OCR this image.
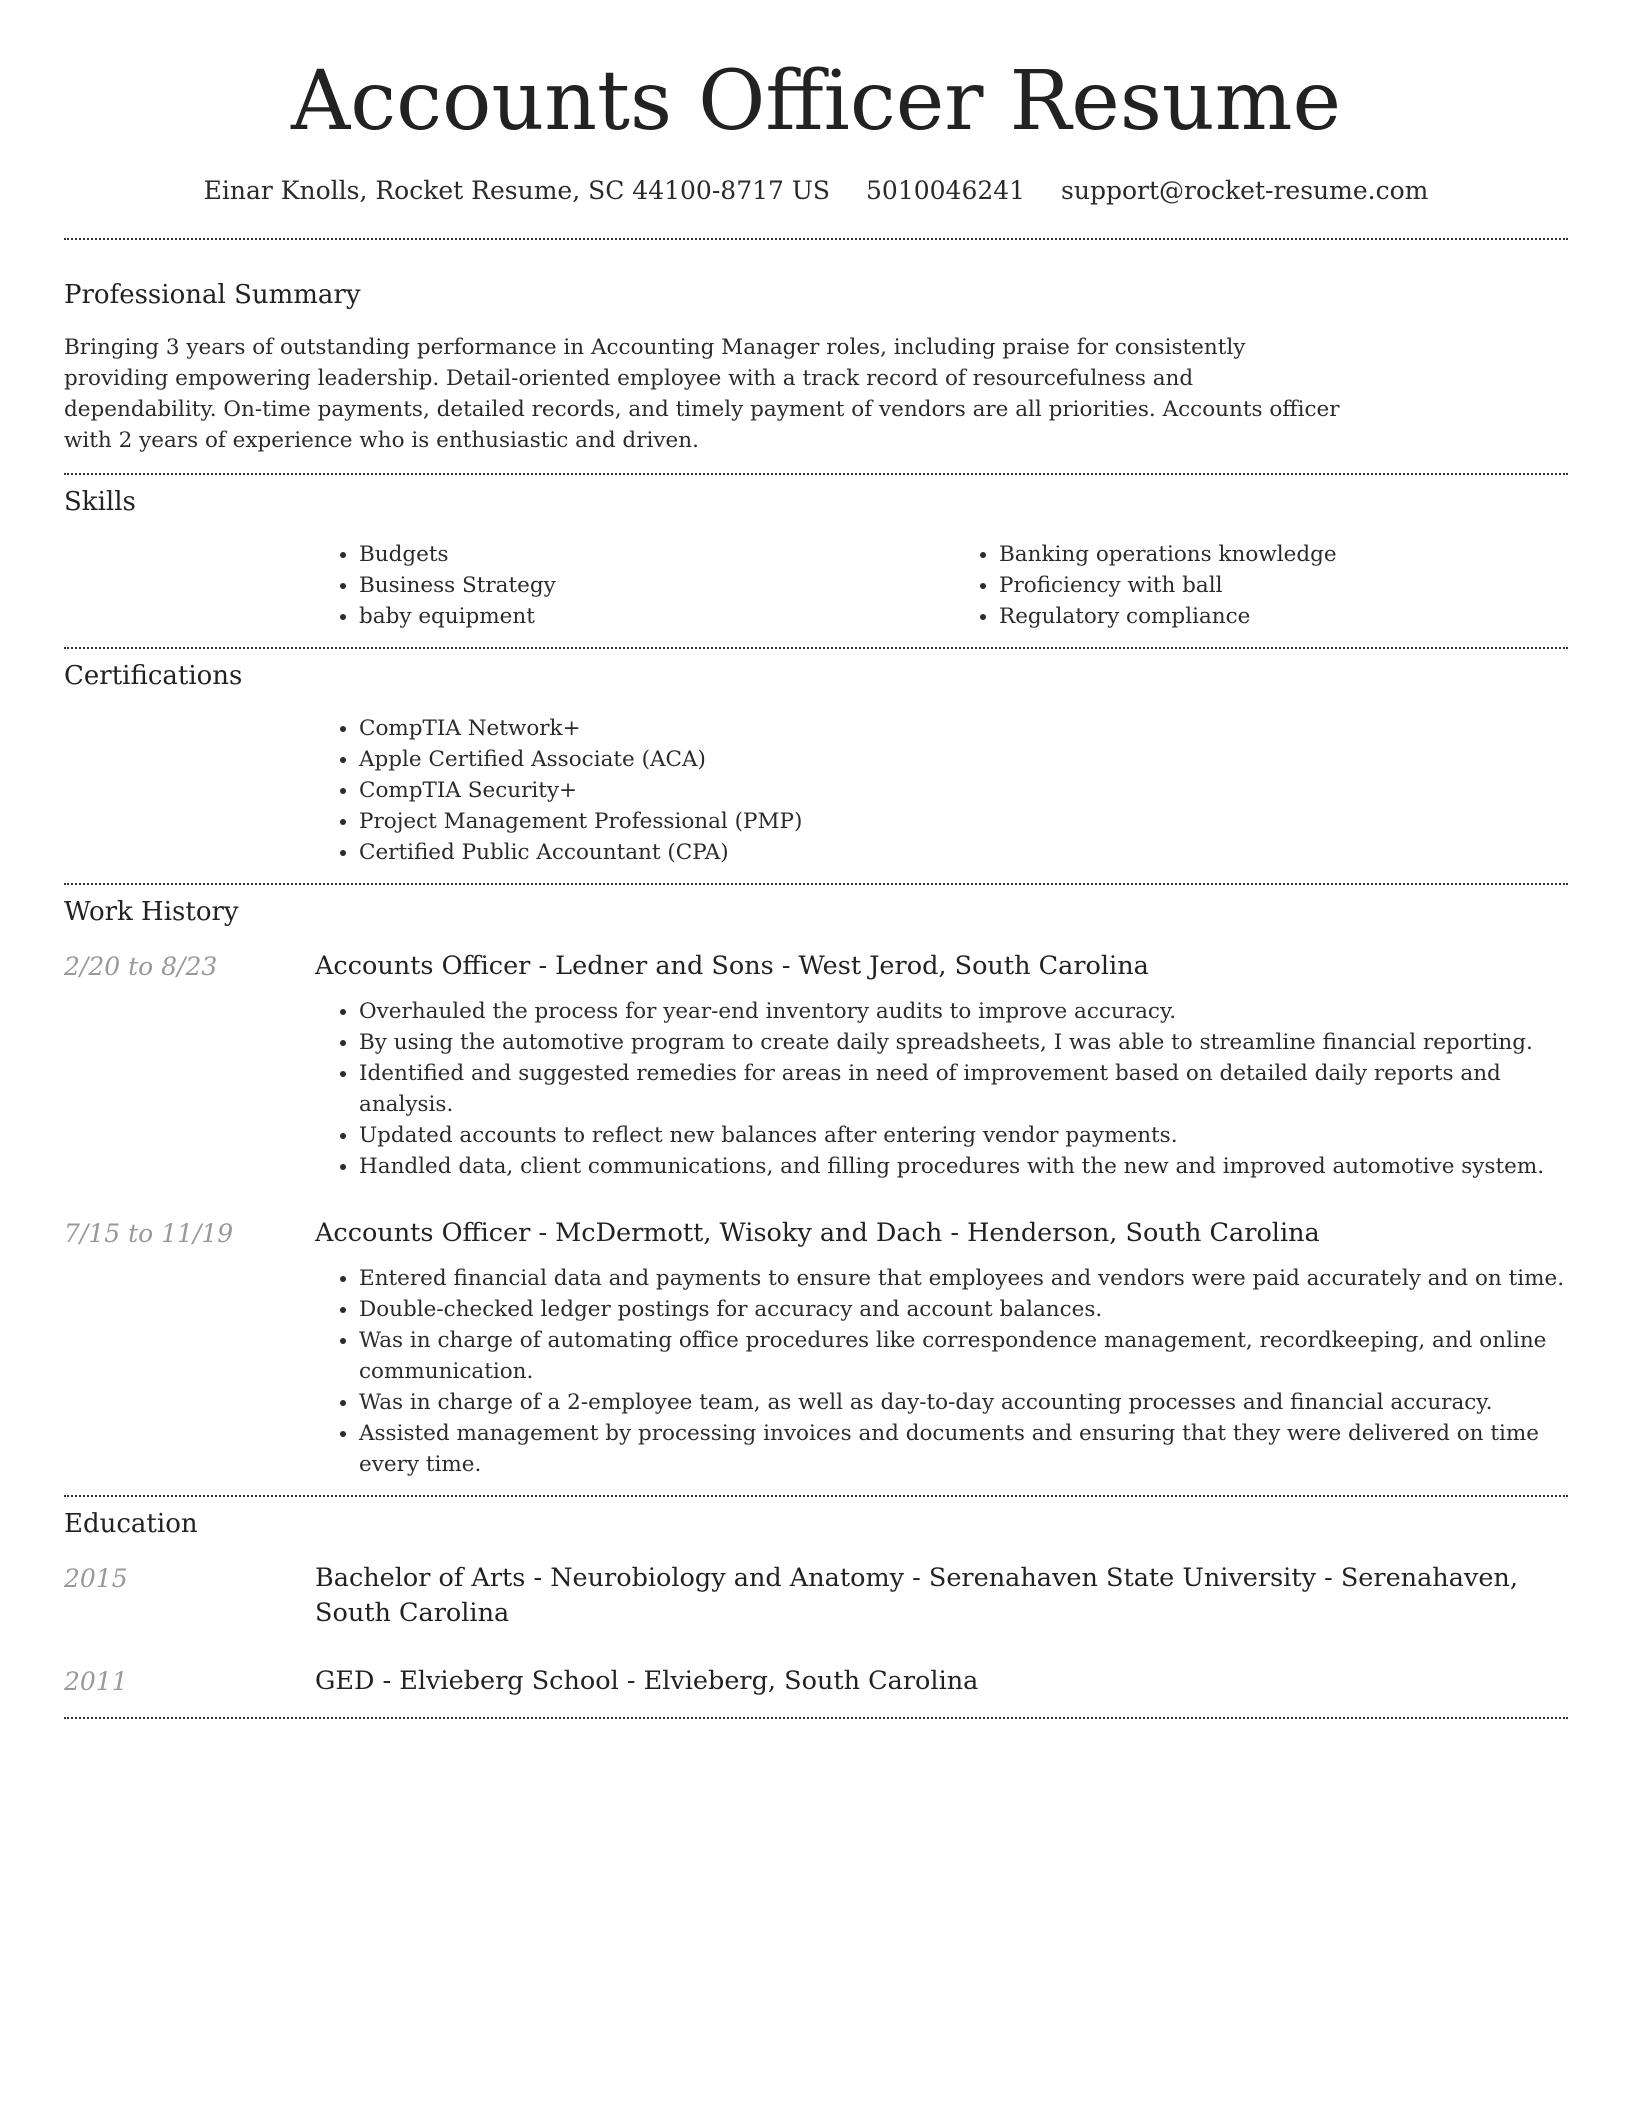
Accounts Officer Resume
Einar Knolls, Rocket Resume, SC 44100-8717 US 5010046241 support@rocket-resume.com
Professional Summary

Bringing 3 years of outstanding performance in Accounting Manager roles, including praise for consistently providing empowering leadership. Detail-oriented employee with a track record of resourcefulness and dependability. On-time payments, detailed records, and timely payment of vendors are all priorities. Accounts officer with 2 years of experience who is enthusiastic and driven.

Skills
• Budgets
• Business Strategy
• baby equipment
• Banking operations knowledge
• Proficiency with ball
• Regulatory compliance
Certifications
• CompTIA Network+
• Apple Certified Associate (ACA)
• CompTIA Security+
• Project Management Professional (PMP)
• Certified Public Accountant (CPA)
Work History
2/20 to 8/23	Accounts Officer - Ledner and Sons - West Jerod, South Carolina
• Overhauled the process for year-end inventory audits to improve accuracy.
• By using the automotive program to create daily spreadsheets, I was able to streamline financial reporting.
• Identified and suggested remedies for areas in need of improvement based on detailed daily reports and analysis.
• Updated accounts to reflect new balances after entering vendor payments.
• Handled data, client communications, and filling procedures with the new and improved automotive system.
7/15 to 11/19	Accounts Officer - McDermott, Wisoky and Dach - Henderson, South Carolina
• Entered financial data and payments to ensure that employees and vendors were paid accurately and on time.
• Double-checked ledger postings for accuracy and account balances.
• Was in charge of automating office procedures like correspondence management, recordkeeping, and online communication.
• Was in charge of a 2-employee team, as well as day-to-day accounting processes and financial accuracy.
• Assisted management by processing invoices and documents and ensuring that they were delivered on time every time.
Education
2015	Bachelor of Arts - Neurobiology and Anatomy - Serenahaven State University - Serenahaven, South Carolina
2011	GED - Elvieberg School - Elvieberg, South Carolina
